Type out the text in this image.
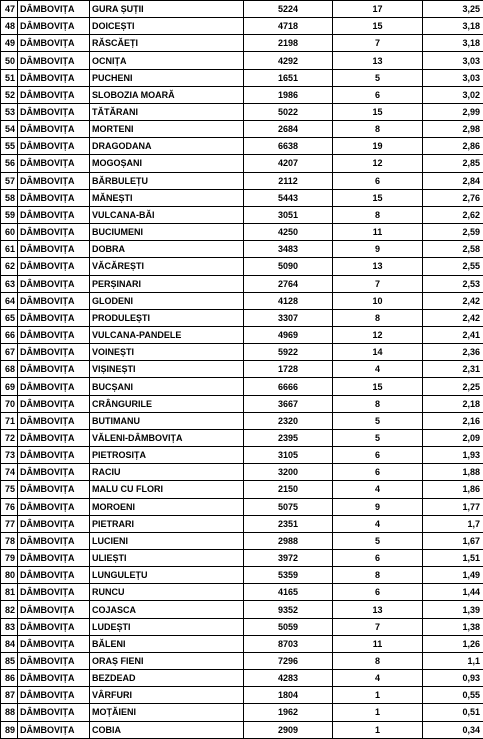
47	DÂMBOVIȚA	GURA ȘUȚII	5224	17	3,25
48	DÂMBOVIȚA	DOICEȘTI	4718	15	3,18
49	DÂMBOVIȚA	RĂSCĂEȚI	2198	7	3,18
50	DÂMBOVIȚA	OCNIȚA	4292	13	3,03
51	DÂMBOVIȚA	PUCHENI	1651	5	3,03
52	DÂMBOVIȚA	SLOBOZIA MOARĂ	1986	6	3,02
53	DÂMBOVIȚA	TĂTĂRANI	5022	15	2,99
54	DÂMBOVIȚA	MORTENI	2684	8	2,98
55	DÂMBOVIȚA	DRAGODANA	6638	19	2,86
56	DÂMBOVIȚA	MOGOȘANI	4207	12	2,85
57	DÂMBOVIȚA	BĂRBULEȚU	2112	6	2,84
58	DÂMBOVIȚA	MĂNEȘTI	5443	15	2,76
59	DÂMBOVIȚA	VULCANA-BĂI	3051	8	2,62
60	DÂMBOVIȚA	BUCIUMENI	4250	11	2,59
61	DÂMBOVIȚA	DOBRA	3483	9	2,58
62	DÂMBOVIȚA	VĂCĂREȘTI	5090	13	2,55
63	DÂMBOVIȚA	PERȘINARI	2764	7	2,53
64	DÂMBOVIȚA	GLODENI	4128	10	2,42
65	DÂMBOVIȚA	PRODULEȘTI	3307	8	2,42
66	DÂMBOVIȚA	VULCANA-PANDELE	4969	12	2,41
67	DÂMBOVIȚA	VOINEȘTI	5922	14	2,36
68	DÂMBOVIȚA	VIȘINEȘTI	1728	4	2,31
69	DÂMBOVIȚA	BUCȘANI	6666	15	2,25
70	DÂMBOVIȚA	CRÂNGURILE	3667	8	2,18
71	DÂMBOVIȚA	BUTIMANU	2320	5	2,16
72	DÂMBOVIȚA	VĂLENI-DÂMBOVIȚA	2395	5	2,09
73	DÂMBOVIȚA	PIETROSIȚA	3105	6	1,93
74	DÂMBOVIȚA	RACIU	3200	6	1,88
75	DÂMBOVIȚA	MALU CU FLORI	2150	4	1,86
76	DÂMBOVIȚA	MOROENI	5075	9	1,77
77	DÂMBOVIȚA	PIETRARI	2351	4	1,7
78	DÂMBOVIȚA	LUCIENI	2988	5	1,67
79	DÂMBOVIȚA	ULIEȘTI	3972	6	1,51
80	DÂMBOVIȚA	LUNGULEȚU	5359	8	1,49
81	DÂMBOVIȚA	RUNCU	4165	6	1,44
82	DÂMBOVIȚA	COJASCA	9352	13	1,39
83	DÂMBOVIȚA	LUDEȘTI	5059	7	1,38
84	DÂMBOVIȚA	BĂLENI	8703	11	1,26
85	DÂMBOVIȚA	ORAȘ FIENI	7296	8	1,1
86	DÂMBOVIȚA	BEZDEAD	4283	4	0,93
87	DÂMBOVIȚA	VÂRFURI	1804	1	0,55
88	DÂMBOVIȚA	MOȚĂIENI	1962	1	0,51
89	DÂMBOVIȚA	COBIA	2909	1	0,34
